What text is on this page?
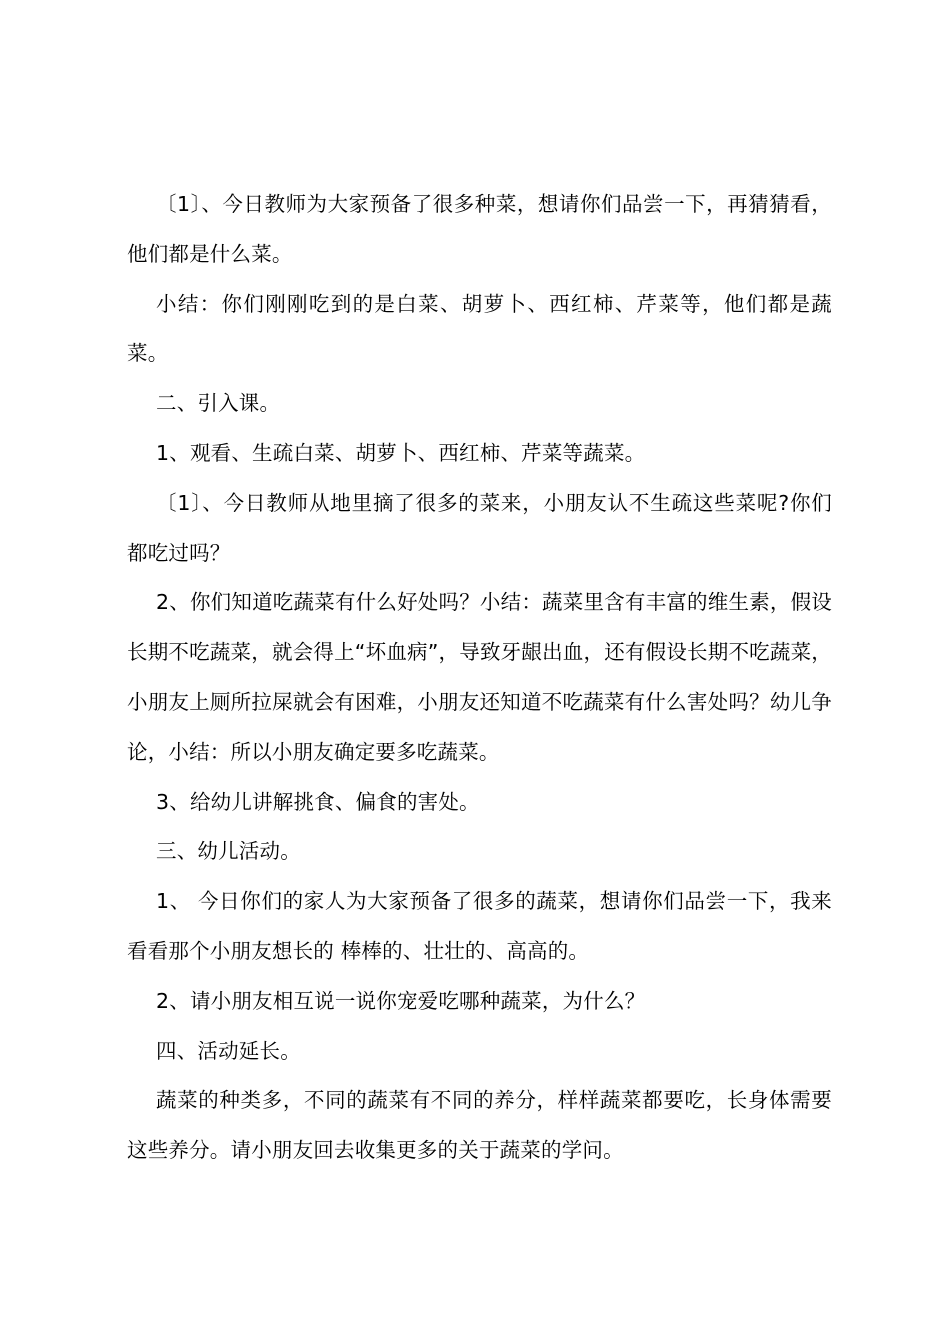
〔1〕、今日教师为大家预备了很多种菜，想请你们品尝一下，再猜猜看，他们都是什么菜。

小结：你们刚刚吃到的是白菜、胡萝卜、西红柿、芹菜等，他们都是蔬菜。

二、引入课。

1、观看、生疏白菜、胡萝卜、西红柿、芹菜等蔬菜。

〔1〕、今日教师从地里摘了很多的菜来，小朋友认不生疏这些菜呢?你们都吃过吗？

2、你们知道吃蔬菜有什么好处吗？小结：蔬菜里含有丰富的维生素，假设长期不吃蔬菜，就会得上“坏血病”，导致牙龈出血，还有假设长期不吃蔬菜，小朋友上厕所拉屎就会有困难，小朋友还知道不吃蔬菜有什么害处吗？幼儿争论，小结：所以小朋友确定要多吃蔬菜。

3、给幼儿讲解挑食、偏食的害处。

三、幼儿活动。

1、 今日你们的家人为大家预备了很多的蔬菜，想请你们品尝一下，我来看看那个小朋友想长的 棒棒的、壮壮的、高高的。

2、请小朋友相互说一说你宠爱吃哪种蔬菜，为什么？

四、活动延长。

蔬菜的种类多，不同的蔬菜有不同的养分，样样蔬菜都要吃，长身体需要这些养分。请小朋友回去收集更多的关于蔬菜的学问。
